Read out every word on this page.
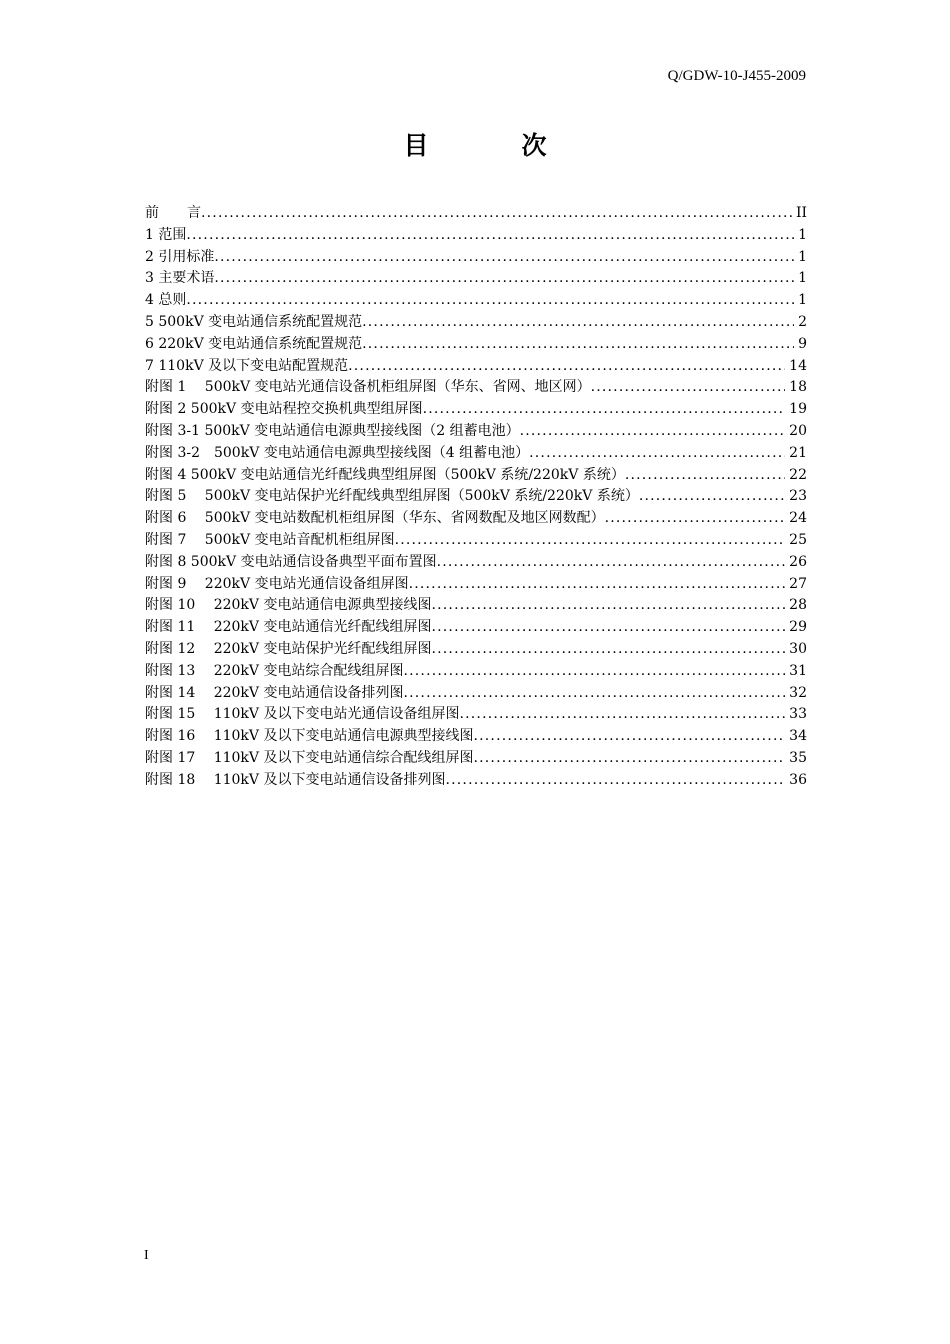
Q/GDW-10-J455-2009
目　次
前　　言 .....	II
1 范围 .....	1
2 引用标准 .....	1
3 主要术语 .....	1
4 总则 .....	1
5 500kV 变电站通信系统配置规范 .....	2
6 220kV 变电站通信系统配置规范 .....	9
7 110kV 及以下变电站配置规范 .....	14
附图 1　 500kV 变电站光通信设备机柜组屏图（华东、省网、地区网） .....	18
附图 2 500kV 变电站程控交换机典型组屏图 .....	19
附图 3-1 500kV 变电站通信电源典型接线图（2 组蓄电池） .....	20
附图 3-2　500kV 变电站通信电源典型接线图（4 组蓄电池） .....	21
附图 4 500kV 变电站通信光纤配线典型组屏图（500kV 系统/220kV 系统） .....	22
附图 5　 500kV 变电站保护光纤配线典型组屏图（500kV 系统/220kV 系统） .....	23
附图 6　 500kV 变电站数配机柜组屏图（华东、省网数配及地区网数配） .....	24
附图 7　 500kV 变电站音配机柜组屏图 .....	25
附图 8 500kV 变电站通信设备典型平面布置图 .....	26
附图 9　 220kV 变电站光通信设备组屏图 .....	27
附图 10　 220kV 变电站通信电源典型接线图 .....	28
附图 11　 220kV 变电站通信光纤配线组屏图 .....	29
附图 12　 220kV 变电站保护光纤配线组屏图 .....	30
附图 13　 220kV 变电站综合配线组屏图 .....	31
附图 14　 220kV 变电站通信设备排列图 .....	32
附图 15　 110kV 及以下变电站光通信设备组屏图 .....	33
附图 16　 110kV 及以下变电站通信电源典型接线图 .....	34
附图 17　 110kV 及以下变电站通信综合配线组屏图 .....	35
附图 18　 110kV 及以下变电站通信设备排列图 .....	36
I
